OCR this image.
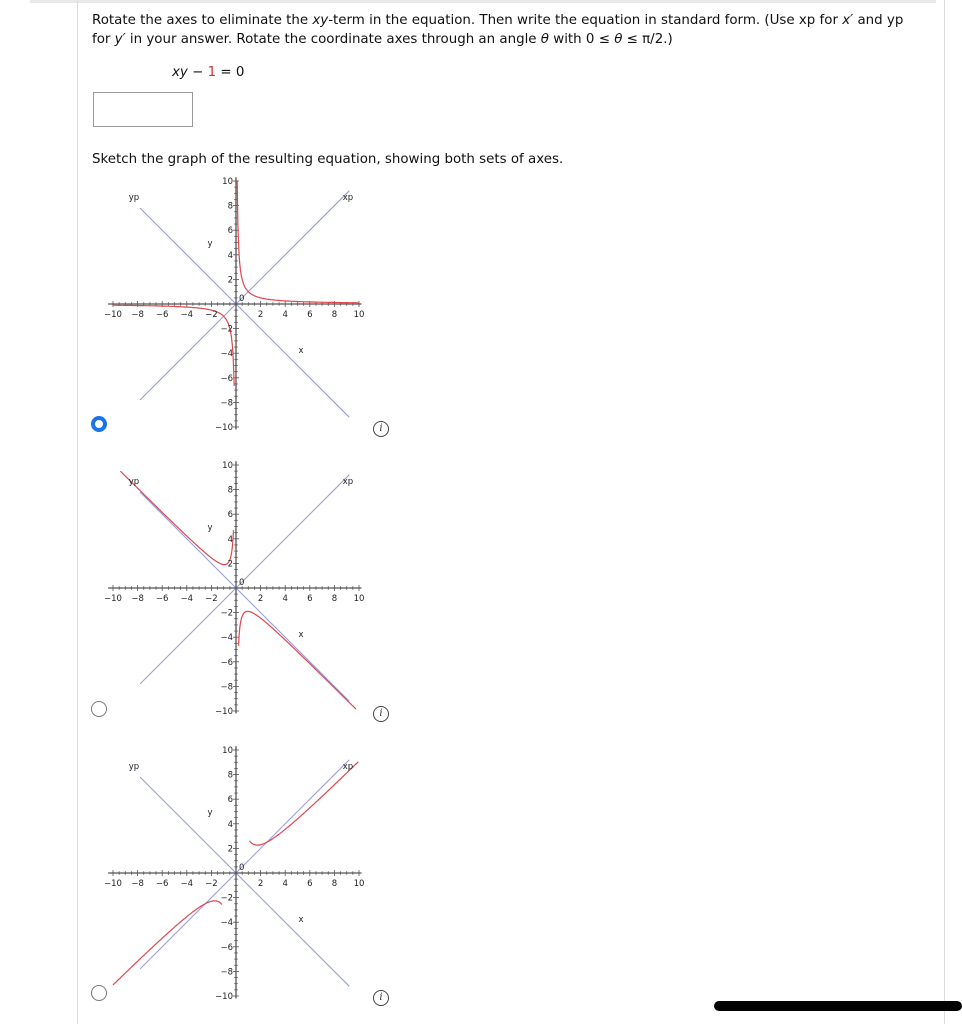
Rotate the axes to eliminate the xy-term in the equation. Then write the equation in standard form. (Use xp for x′ and yp
for y′ in your answer. Rotate the coordinate axes through an angle θ with 0 ≤ θ ≤ π/2.)
xy − 1 = 0
Sketch the graph of the resulting equation, showing both sets of axes.
−10 −8 −6 −4 −2	2 4 6 8 10
10
8
6
4
2
−2
−4
−6
−8
−10
0
yp	xp
y
x
i
−10 −8 −6 −4 −2	2 4 6 8 10
10
8
6
4
2
−2
−4
−6
−8
−10
0
yp	xp
y
x
i
−10 −8 −6 −4 −2	2 4 6 8 10
10
8
6
4
2
−2
−4
−6
−8
−10
0
yp	xp
y
x
i
